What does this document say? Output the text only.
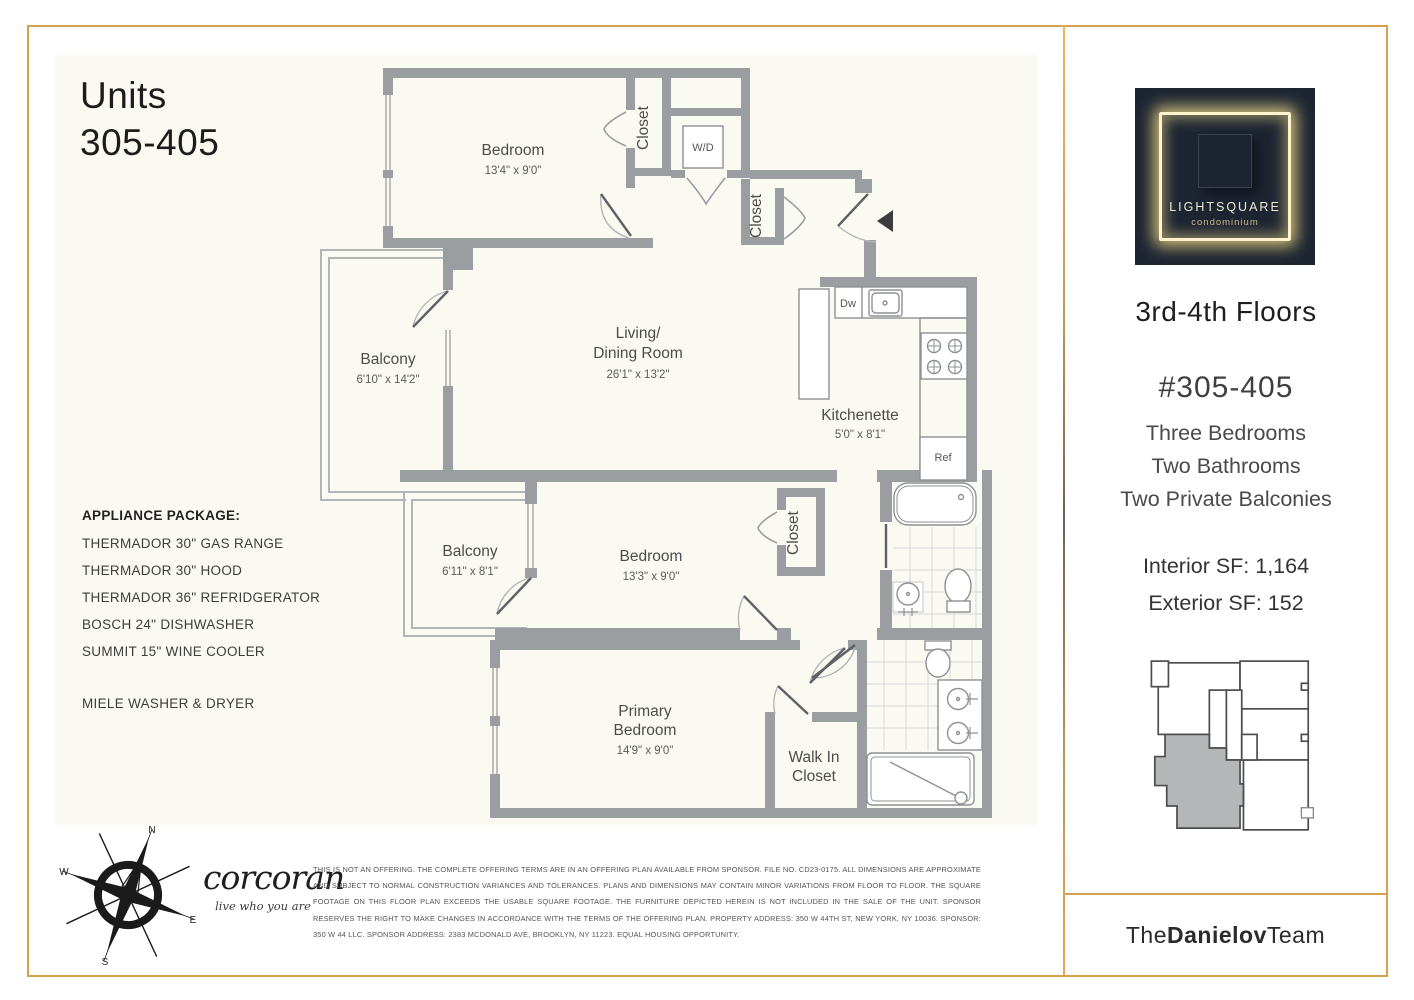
Units
305-405	Bedroom
13'4" x 9'0"
Closet	W/D
Closet
Living/
Dining Room
26'1" x 13'2"
Balcony
6'10" x 14'2"
Kitchenette
5'0" x 8'1"
Dw
Ref
Bedroom
13'3" x 9'0"
Closet
Balcony
6'11" x 8'1"
Primary
Bedroom
14'9" x 9'0"	Walk In
Closet
APPLIANCE PACKAGE:
THERMADOR 30" GAS RANGE
THERMADOR 30" HOOD
THERMADOR 36" REFRIDGERATOR
BOSCH 24" DISHWASHER
SUMMIT 15" WINE COOLER
MIELE WASHER & DRYER
LIGHTSQUARE
condominium
3rd-4th Floors
#305-405
Three Bedrooms
Two Bathrooms
Two Private Balconies
Interior SF: 1,164
Exterior SF: 152
The Danielov Team
N
E
S
W	corcoran
live who you are
THIS IS NOT AN OFFERING. THE COMPLETE OFFERING TERMS ARE IN AN OFFERING PLAN AVAILABLE FROM SPONSOR. FILE NO. CD23-0175. ALL DIMENSIONS ARE APPROXIMATE AND SUBJECT TO NORMAL CONSTRUCTION VARIANCES AND TOLERANCES. PLANS AND DIMENSIONS MAY CONTAIN MINOR VARIATIONS FROM FLOOR TO FLOOR. THE SQUARE FOOTAGE ON THIS FLOOR PLAN EXCEEDS THE USABLE SQUARE FOOTAGE. THE FURNITURE DEPICTED HEREIN IS NOT INCLUDED IN THE SALE OF THE UNIT. SPONSOR RESERVES THE RIGHT TO MAKE CHANGES IN ACCORDANCE WITH THE TERMS OF THE OFFERING PLAN. PROPERTY ADDRESS: 350 W 44TH ST, NEW YORK, NY 10036. SPONSOR: 350 W 44 LLC. SPONSOR ADDRESS: 2383 MCDONALD AVE, BROOKLYN, NY 11223. EQUAL HOUSING OPPORTUNITY.
